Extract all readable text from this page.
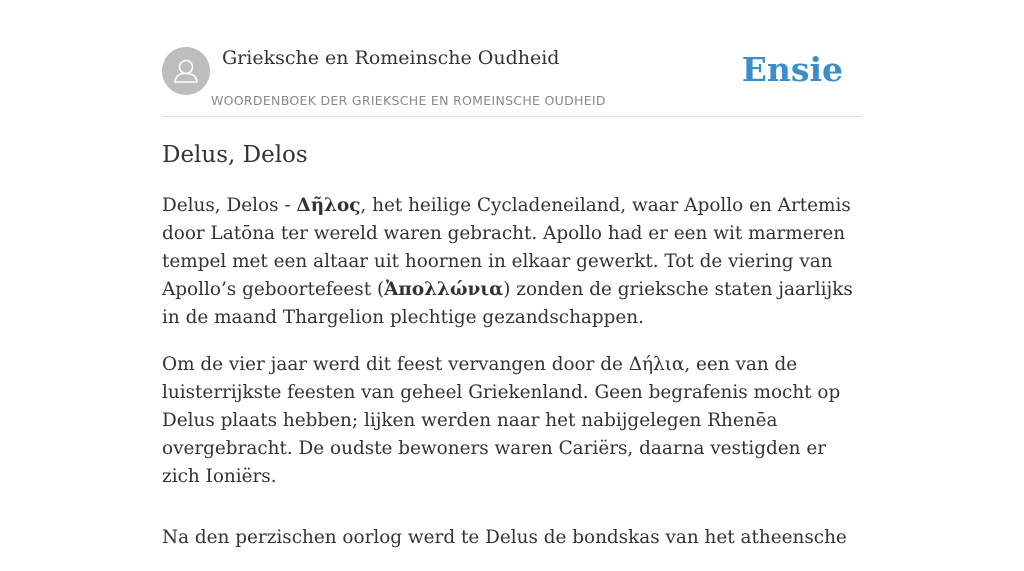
Grieksche en Romeinsche Oudheid
WOORDENBOEK DER GRIEKSCHE EN ROMEINSCHE OUDHEID
Ensie
Delus, Delos

Delus, Delos - Δῆλος, het heilige Cycladeneiland, waar Apollo en Artemis door Latōna ter wereld waren gebracht. Apollo had er een wit marmeren tempel met een altaar uit hoornen in elkaar gewerkt. Tot de viering van Apollo’s geboortefeest (Ἀπολλώνια) zonden de grieksche staten jaarlijks in de maand Thargelion plechtige gezandschappen.

Om de vier jaar werd dit feest vervangen door de Δήλια, een van de luisterrijkste feesten van geheel Griekenland. Geen begrafenis mocht op Delus plaats hebben; lijken werden naar het nabijgelegen Rhenēa overgebracht. De oudste bewoners waren Cariërs, daarna vestigden er zich Ioniërs.

Na den perzischen oorlog werd te Delus de bondskas van het atheensche
